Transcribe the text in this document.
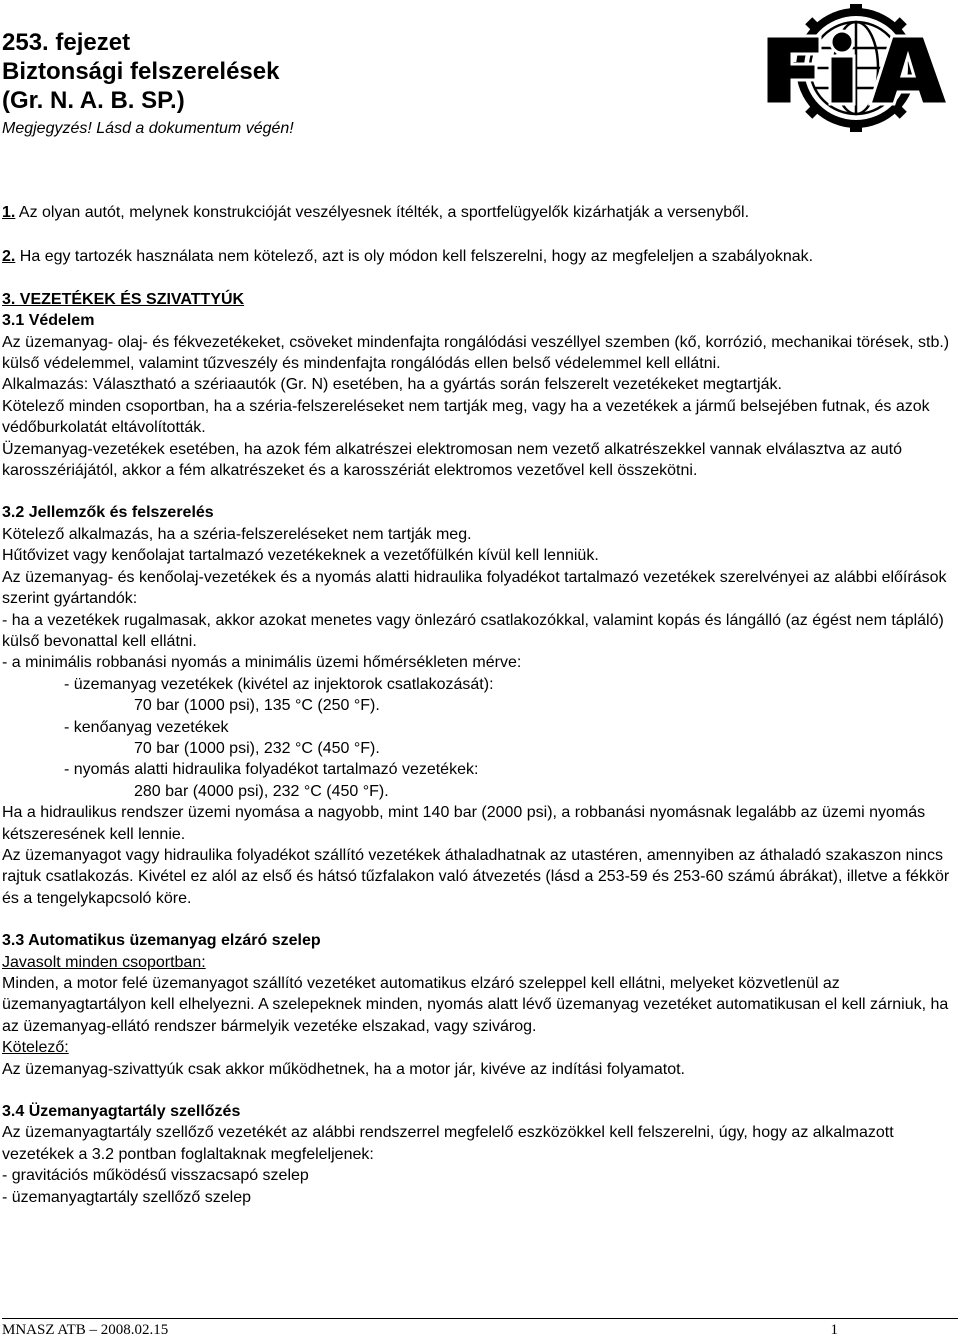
253. fejezet
Biztonsági felszerelések
(Gr. N. A. B. SP.)
Megjegyzés! Lásd a dokumentum végén!

1. Az olyan autót, melynek konstrukcióját veszélyesnek ítélték, a sportfelügyelők kizárhatják a versenyből.

2. Ha egy tartozék használata nem kötelező, azt is oly módon kell felszerelni, hogy az megfeleljen a szabályoknak.

3. VEZETÉKEK ÉS SZIVATTYÚK

3.1 Védelem

Az üzemanyag- olaj- és fékvezetékeket, csöveket mindenfajta rongálódási veszéllyel szemben (kő, korrózió, mechanikai törések, stb.) külső védelemmel, valamint tűzveszély és mindenfajta rongálódás ellen belső védelemmel kell ellátni.

Alkalmazás: Választható a szériaautók (Gr. N) esetében, ha a gyártás során felszerelt vezetékeket megtartják.

Kötelező minden csoportban, ha a széria-felszereléseket nem tartják meg, vagy ha a vezetékek a jármű belsejében futnak, és azok védőburkolatát eltávolították.

Üzemanyag-vezetékek esetében, ha azok fém alkatrészei elektromosan nem vezető alkatrészekkel vannak elválasztva az autó karosszériájától, akkor a fém alkatrészeket és a karosszériát elektromos vezetővel kell összekötni.

3.2 Jellemzők és felszerelés

Kötelező alkalmazás, ha a széria-felszereléseket nem tartják meg.

Hűtővizet vagy kenőolajat tartalmazó vezetékeknek a vezetőfülkén kívül kell lenniük.

Az üzemanyag- és kenőolaj-vezetékek és a nyomás alatti hidraulika folyadékot tartalmazó vezetékek szerelvényei az alábbi előírások szerint gyártandók:

- ha a vezetékek rugalmasak, akkor azokat menetes vagy önlezáró csatlakozókkal, valamint kopás és lángálló (az égést nem tápláló) külső bevonattal kell ellátni.

- a minimális robbanási nyomás a minimális üzemi hőmérsékleten mérve:

- üzemanyag vezetékek (kivétel az injektorok csatlakozását):

70 bar (1000 psi), 135 °C (250 °F).

- kenőanyag vezetékek

70 bar (1000 psi), 232 °C (450 °F).

- nyomás alatti hidraulika folyadékot tartalmazó vezetékek:

280 bar (4000 psi), 232 °C (450 °F).

Ha a hidraulikus rendszer üzemi nyomása a nagyobb, mint 140 bar (2000 psi), a robbanási nyomásnak legalább az üzemi nyomás kétszeresének kell lennie.

Az üzemanyagot vagy hidraulika folyadékot szállító vezetékek áthaladhatnak az utastéren, amennyiben az áthaladó szakaszon nincs rajtuk csatlakozás. Kivétel ez alól az első és hátsó tűzfalakon való átvezetés (lásd a 253-59 és 253-60 számú ábrákat), illetve a fékkör és a tengelykapcsoló köre.

3.3 Automatikus üzemanyag elzáró szelep

Javasolt minden csoportban:

Minden, a motor felé üzemanyagot szállító vezetéket automatikus elzáró szeleppel kell ellátni, melyeket közvetlenül az üzemanyagtartályon kell elhelyezni. A szelepeknek minden, nyomás alatt lévő üzemanyag vezetéket automatikusan el kell zárniuk, ha az üzemanyag-ellátó rendszer bármelyik vezetéke elszakad, vagy szivárog.

Kötelező:

Az üzemanyag-szivattyúk csak akkor működhetnek, ha a motor jár, kivéve az indítási folyamatot.

3.4 Üzemanyagtartály szellőzés

Az üzemanyagtartály szellőző vezetékét az alábbi rendszerrel megfelelő eszközökkel kell felszerelni, úgy, hogy az alkalmazott vezetékek a 3.2 pontban foglaltaknak megfeleljenek:

- gravitációs működésű visszacsapó szelep

- üzemanyagtartály szellőző szelep

MNASZ ATB – 2008.02.15	1
